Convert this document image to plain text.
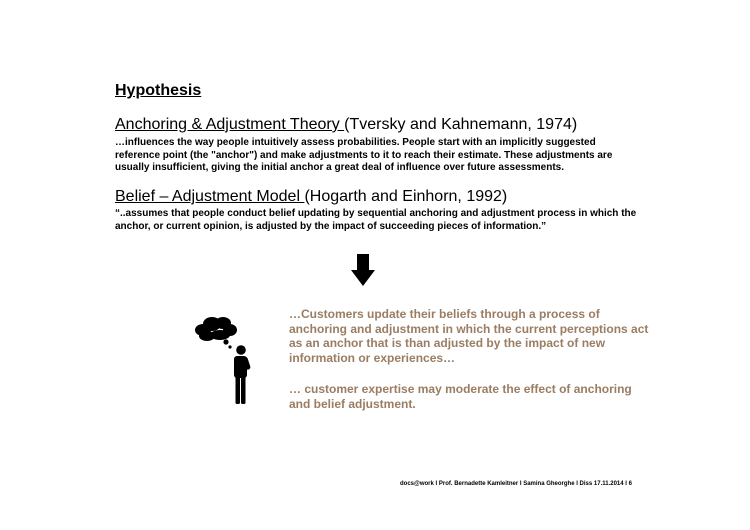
Hypothesis
Anchoring & Adjustment Theory (Tversky and Kahnemann, 1974)
…influences the way people intuitively assess probabilities. People start with an implicitly suggested reference point (the "anchor") and make adjustments to it to reach their estimate. These adjustments are usually insufficient, giving the initial anchor a great deal of influence over future assessments.
Belief – Adjustment Model (Hogarth and Einhorn, 1992)
“..assumes that people conduct belief updating by sequential anchoring and adjustment process in which the anchor, or current opinion, is adjusted by the impact of succeeding pieces of information.”
…Customers update their beliefs through a process of anchoring and adjustment in which the current perceptions act as an anchor that is than adjusted by the impact of new information or experiences…
… customer expertise may moderate the effect of anchoring and belief adjustment.
docs@work I Prof. Bernadette Kamleitner I Samina Gheorghe I Diss 17.11.2014 I 6
